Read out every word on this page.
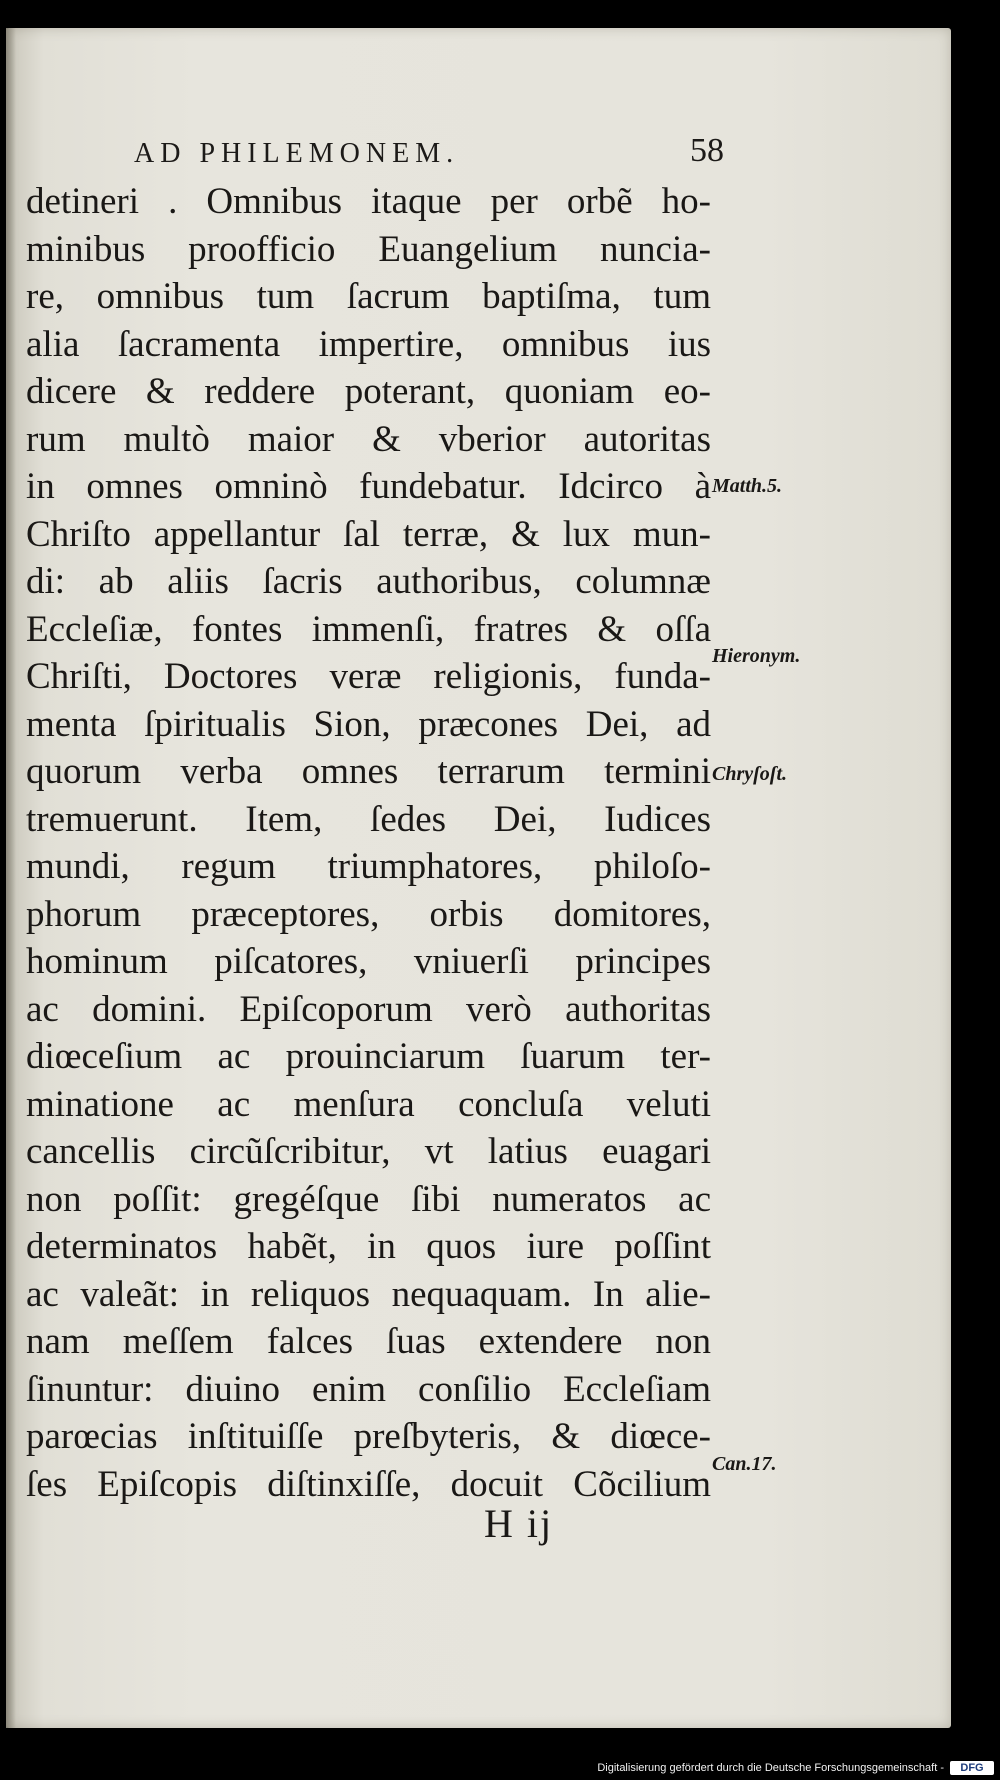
AD PHILEMONEM.	58
detineri . Omnibus itaque per orbẽ ho-
minibus proofficio Euangelium nuncia-
re, omnibus tum ſacrum baptiſma, tum
alia ſacramenta impertire, omnibus ius
dicere & reddere poterant, quoniam eo-
rum multò maior & vberior autoritas
in omnes omninò fundebatur. Idcirco à
Chriſto appellantur ſal terræ, & lux mun-
di: ab aliis ſacris authoribus, columnæ
Eccleſiæ, fontes immenſi, fratres & oſſa
Chriſti, Doctores veræ religionis, funda-
menta ſpiritualis Sion, præcones Dei, ad
quorum verba omnes terrarum termini
tremuerunt. Item, ſedes Dei, Iudices
mundi, regum triumphatores, philoſo-
phorum præceptores, orbis domitores,
hominum piſcatores, vniuerſi principes
ac domini. Epiſcoporum verò authoritas
diœceſium ac prouinciarum ſuarum ter-
minatione ac menſura concluſa veluti
cancellis circũſcribitur, vt latius euagari
non poſſit: gregéſque ſibi numeratos ac
determinatos habẽt, in quos iure poſſint
ac valeãt: in reliquos nequaquam. In alie-
nam meſſem falces ſuas extendere non
ſinuntur: diuino enim conſilio Eccleſiam
parœcias inſtituiſſe preſbyteris, & diœce-
ſes Epiſcopis diſtinxiſſe, docuit Cõcilium
Matth.5.
Hieronym.
Chryſoſt.
Can.17.
H ij
Digitalisierung gefördert durch die Deutsche Forschungsgemeinschaft -	DFG
